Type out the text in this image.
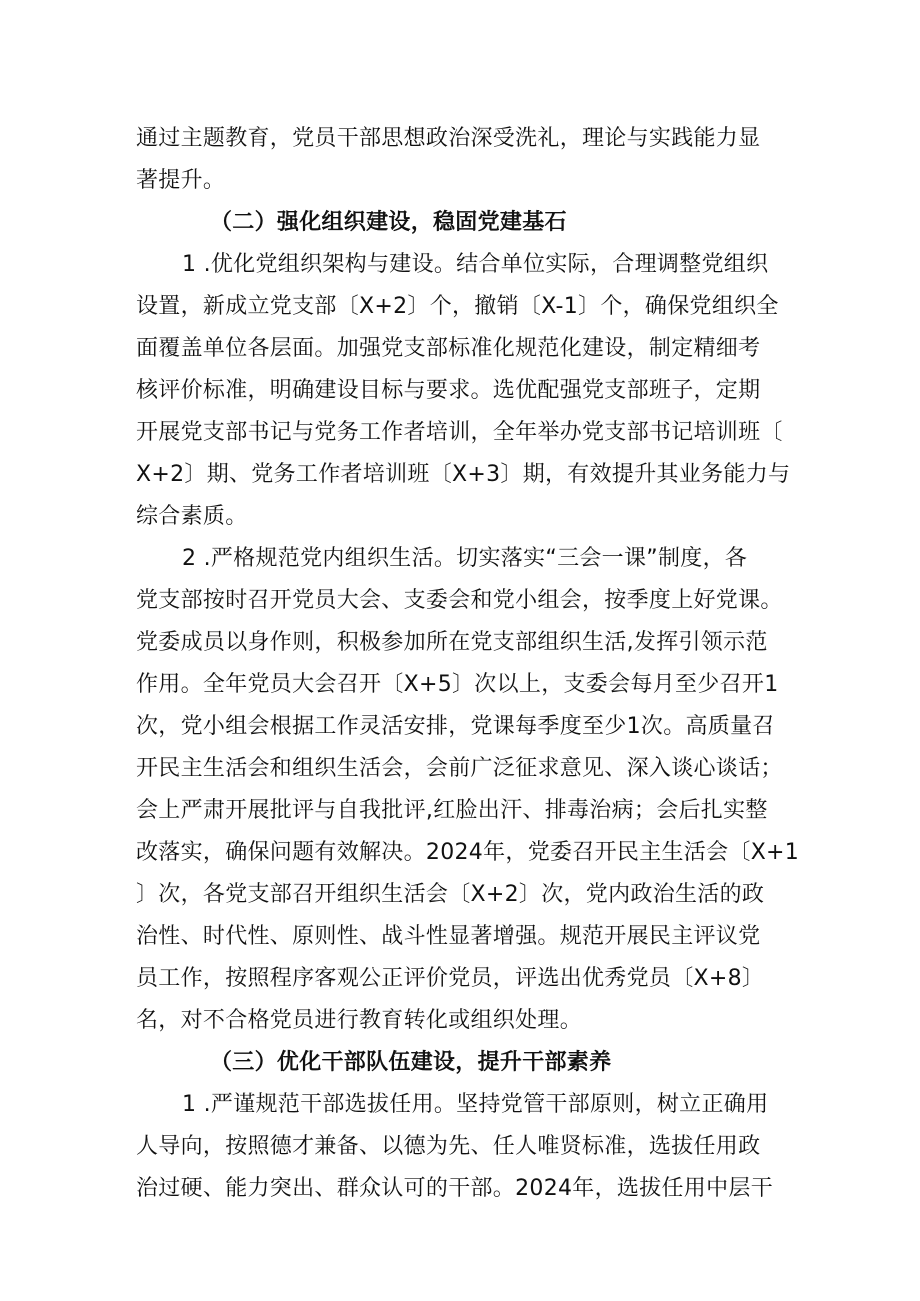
通过主题教育，党员干部思想政治深受洗礼，理论与实践能力显
著提升。
（二）强化组织建设，稳固党建基石
1 .优化党组织架构与建设。结合单位实际，合理调整党组织
设置，新成立党支部〔X+2〕个，撤销〔X-1〕个，确保党组织全
面覆盖单位各层面。加强党支部标准化规范化建设，制定精细考
核评价标准，明确建设目标与要求。选优配强党支部班子，定期
开展党支部书记与党务工作者培训，全年举办党支部书记培训班〔
X+2〕期、党务工作者培训班〔X+3〕期，有效提升其业务能力与
综合素质。
2 .严格规范党内组织生活。切实落实“三会一课”制度，各
党支部按时召开党员大会、支委会和党小组会，按季度上好党课。
党委成员以身作则，积极参加所在党支部组织生活,发挥引领示范
作用。全年党员大会召开〔X+5〕次以上，支委会每月至少召开1
次，党小组会根据工作灵活安排，党课每季度至少1次。高质量召
开民主生活会和组织生活会，会前广泛征求意见、深入谈心谈话；
会上严肃开展批评与自我批评,红脸出汗、排毒治病；会后扎实整
改落实，确保问题有效解决。2024年，党委召开民主生活会〔X+1
〕次，各党支部召开组织生活会〔X+2〕次，党内政治生活的政
治性、时代性、原则性、战斗性显著增强。规范开展民主评议党
员工作，按照程序客观公正评价党员，评选出优秀党员〔X+8〕
名，对不合格党员进行教育转化或组织处理。
（三）优化干部队伍建设，提升干部素养
1 .严谨规范干部选拔任用。坚持党管干部原则，树立正确用
人导向，按照德才兼备、以德为先、任人唯贤标准，选拔任用政
治过硬、能力突出、群众认可的干部。2024年，选拔任用中层干
